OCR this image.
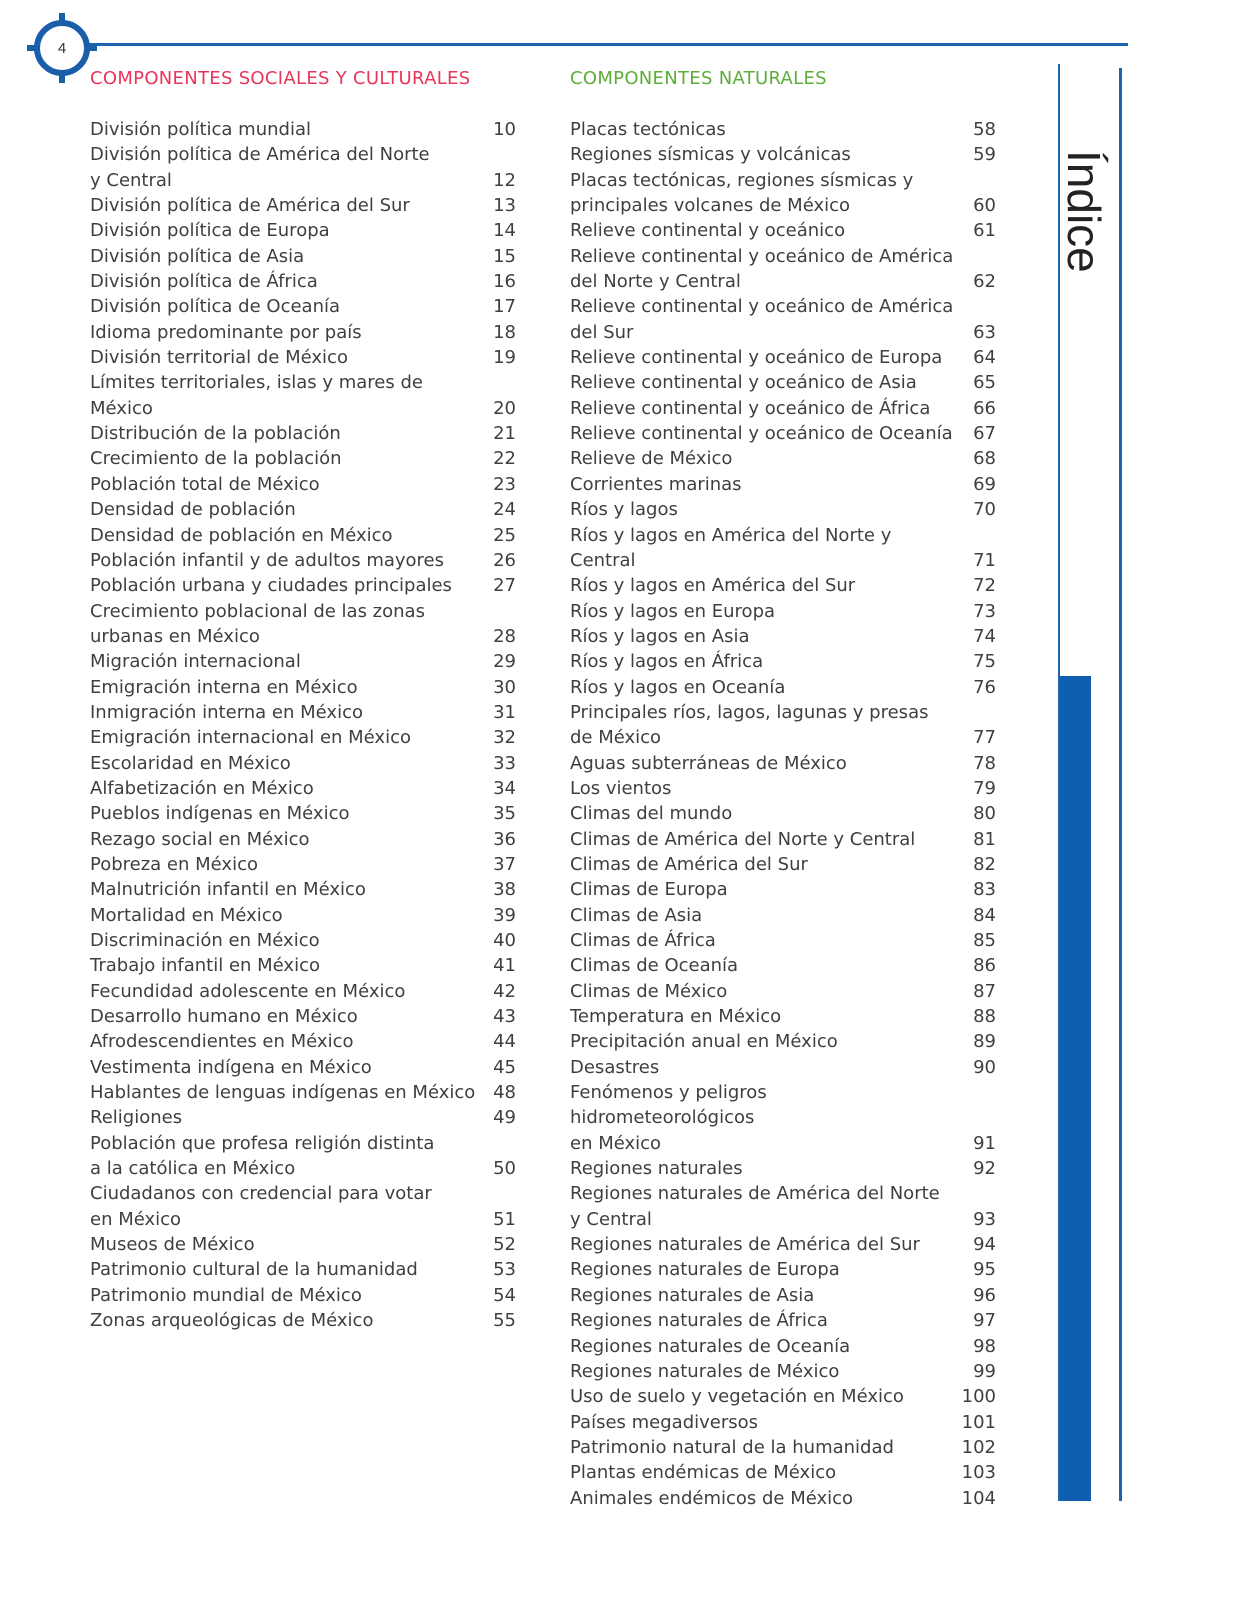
4
COMPONENTES SOCIALES Y CULTURALES	COMPONENTES NATURALES
División política mundial	10
División política de América del Norte
y Central	12
División política de América del Sur	13
División política de Europa	14
División política de Asia	15
División política de África	16
División política de Oceanía	17
Idioma predominante por país	18
División territorial de México	19
Límites territoriales, islas y mares de México	20
Distribución de la población	21
Crecimiento de la población	22
Población total de México	23
Densidad de población	24
Densidad de población en México	25
Población infantil y de adultos mayores	26
Población urbana y ciudades principales	27
Crecimiento poblacional de las zonas
urbanas en México	28
Migración internacional	29
Emigración interna en México	30
Inmigración interna en México	31
Emigración internacional en México	32
Escolaridad en México	33
Alfabetización en México	34
Pueblos indígenas en México	35
Rezago social en México	36
Pobreza en México	37
Malnutrición infantil en México	38
Mortalidad en México	39
Discriminación en México	40
Trabajo infantil en México	41
Fecundidad adolescente en México	42
Desarrollo humano en México	43
Afrodescendientes en México	44
Vestimenta indígena en México	45
Hablantes de lenguas indígenas en México 48
Religiones	49
Población que profesa religión distinta
a la católica en México	50
Ciudadanos con credencial para votar
en México	51
Museos de México	52
Patrimonio cultural de la humanidad	53
Patrimonio mundial de México	54
Zonas arqueológicas de México	55
Placas tectónicas	58
Regiones sísmicas y volcánicas	59
Placas tectónicas, regiones sísmicas y
principales volcanes de México	60
Relieve continental y oceánico	61
Relieve continental y oceánico de América
del Norte y Central	62
Relieve continental y oceánico de América
del Sur	63
Relieve continental y oceánico de Europa	64
Relieve continental y oceánico de Asia	65
Relieve continental y oceánico de África	66
Relieve continental y oceánico de Oceanía	67
Relieve de México	68
Corrientes marinas	69
Ríos y lagos	70
Ríos y lagos en América del Norte y Central	71
Ríos y lagos en América del Sur	72
Ríos y lagos en Europa	73
Ríos y lagos en Asia	74
Ríos y lagos en África	75
Ríos y lagos en Oceanía	76
Principales ríos, lagos, lagunas y presas
de México	77
Aguas subterráneas de México	78
Los vientos	79
Climas del mundo	80
Climas de América del Norte y Central	81
Climas de América del Sur	82
Climas de Europa	83
Climas de Asia	84
Climas de África	85
Climas de Oceanía	86
Climas de México	87
Temperatura en México	88
Precipitación anual en México	89
Desastres	90
Fenómenos y peligros hidrometeorológicos
en México	91
Regiones naturales	92
Regiones naturales de América del Norte
y Central	93
Regiones naturales de América del Sur	94
Regiones naturales de Europa	95
Regiones naturales de Asia	96
Regiones naturales de África	97
Regiones naturales de Oceanía	98
Regiones naturales de México	99
Uso de suelo y vegetación en México	100
Países megadiversos	101
Patrimonio natural de la humanidad	102
Plantas endémicas de México	103
Animales endémicos de México	104
Índice
